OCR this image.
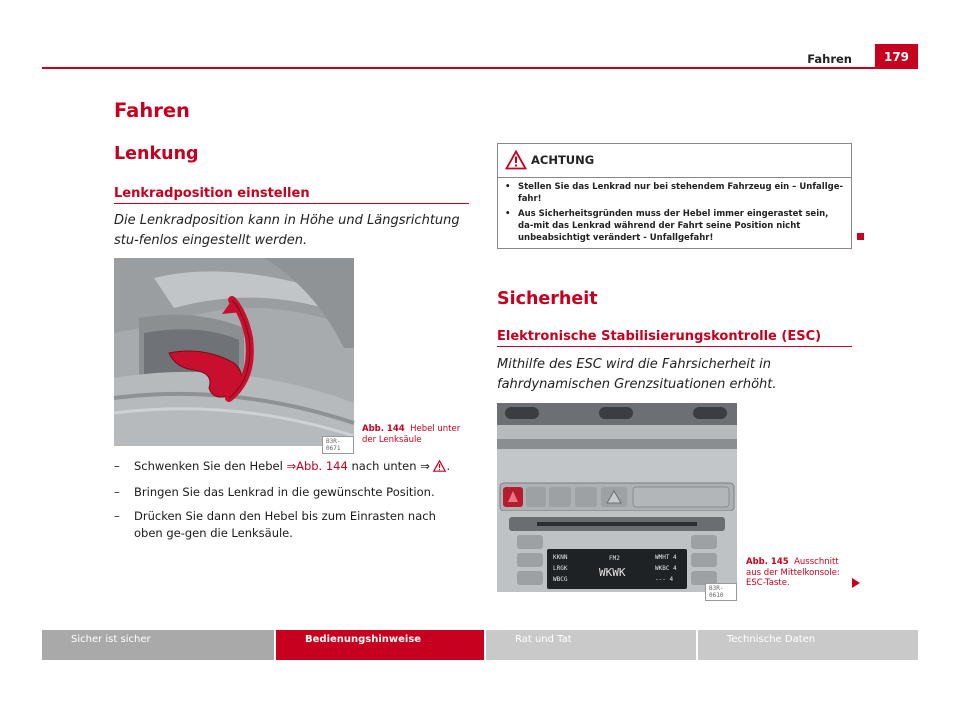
Fahren	179
Fahren
Lenkung
Lenkradposition einstellen
Die Lenkradposition kann in Höhe und Längsrichtung stu-fenlos eingestellt werden.
B3R-0671
Abb. 144 Hebel unter der Lenksäule
– Schwenken Sie den Hebel ⇒Abb. 144 nach unten ⇒ .
– Bringen Sie das Lenkrad in die gewünschte Position.
– Drücken Sie dann den Hebel bis zum Einrasten nach oben ge-gen die Lenksäule.
ACHTUNG
• Stellen Sie das Lenkrad nur bei stehendem Fahrzeug ein – Unfallge-fahr!
• Aus Sicherheitsgründen muss der Hebel immer eingerastet sein, da-mit das Lenkrad während der Fahrt seine Position nicht unbeabsichtigt verändert - Unfallgefahr!
Sicherheit
Elektronische Stabilisierungskontrolle (ESC)
Mithilfe des ESC wird die Fahrsicherheit in fahrdynamischen Grenzsituationen erhöht.
KKNN
LRGK
WBCG
FM2
WKWK
WMHT 4
WKBC 4
--- 4
B3R-0610
Abb. 145 Ausschnitt aus der Mittelkonsole: ESC-Taste.
Sicher ist sicher	Bedienungshinweise	Rat und Tat	Technische Daten
